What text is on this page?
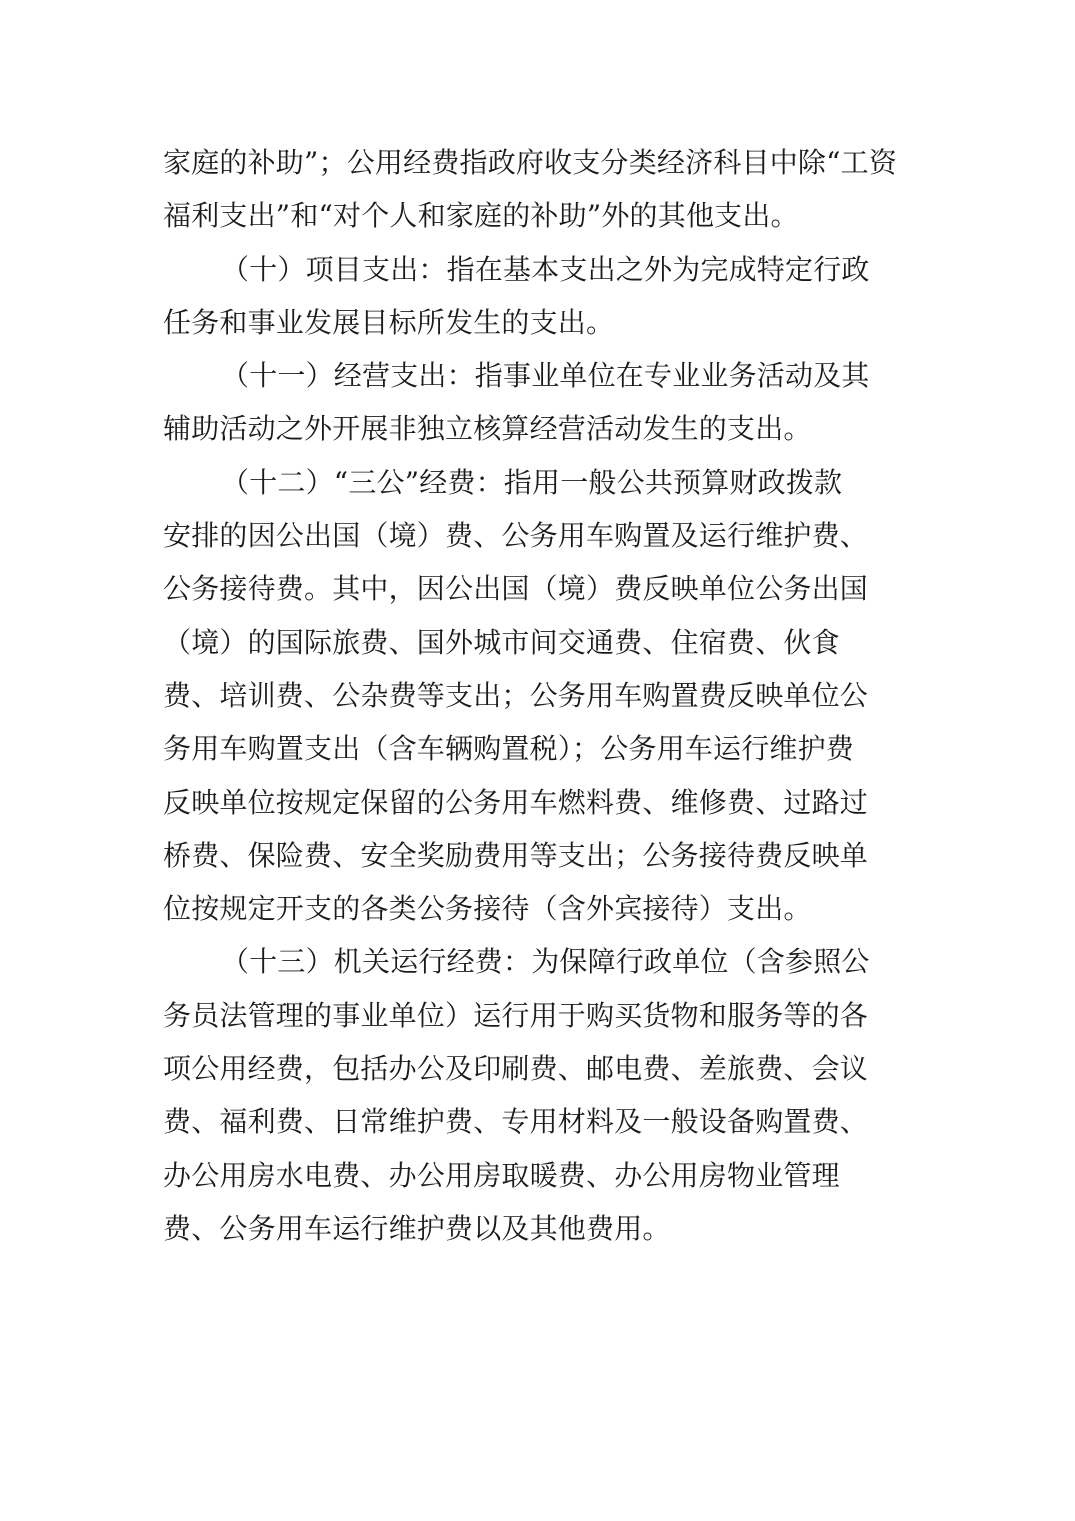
家庭的补助”；公用经费指政府收支分类经济科目中除“工资
福利支出”和“对个人和家庭的补助”外的其他支出。
（十）项目支出：指在基本支出之外为完成特定行政
任务和事业发展目标所发生的支出。
（十一）经营支出：指事业单位在专业业务活动及其
辅助活动之外开展非独立核算经营活动发生的支出。
（十二）“三公”经费：指用一般公共预算财政拨款
安排的因公出国（境）费、公务用车购置及运行维护费、
公务接待费。其中，因公出国（境）费反映单位公务出国
（境）的国际旅费、国外城市间交通费、住宿费、伙食
费、培训费、公杂费等支出；公务用车购置费反映单位公
务用车购置支出（含车辆购置税）；公务用车运行维护费
反映单位按规定保留的公务用车燃料费、维修费、过路过
桥费、保险费、安全奖励费用等支出；公务接待费反映单
位按规定开支的各类公务接待（含外宾接待）支出。
（十三）机关运行经费：为保障行政单位（含参照公
务员法管理的事业单位）运行用于购买货物和服务等的各
项公用经费，包括办公及印刷费、邮电费、差旅费、会议
费、福利费、日常维护费、专用材料及一般设备购置费、
办公用房水电费、办公用房取暖费、办公用房物业管理
费、公务用车运行维护费以及其他费用。
